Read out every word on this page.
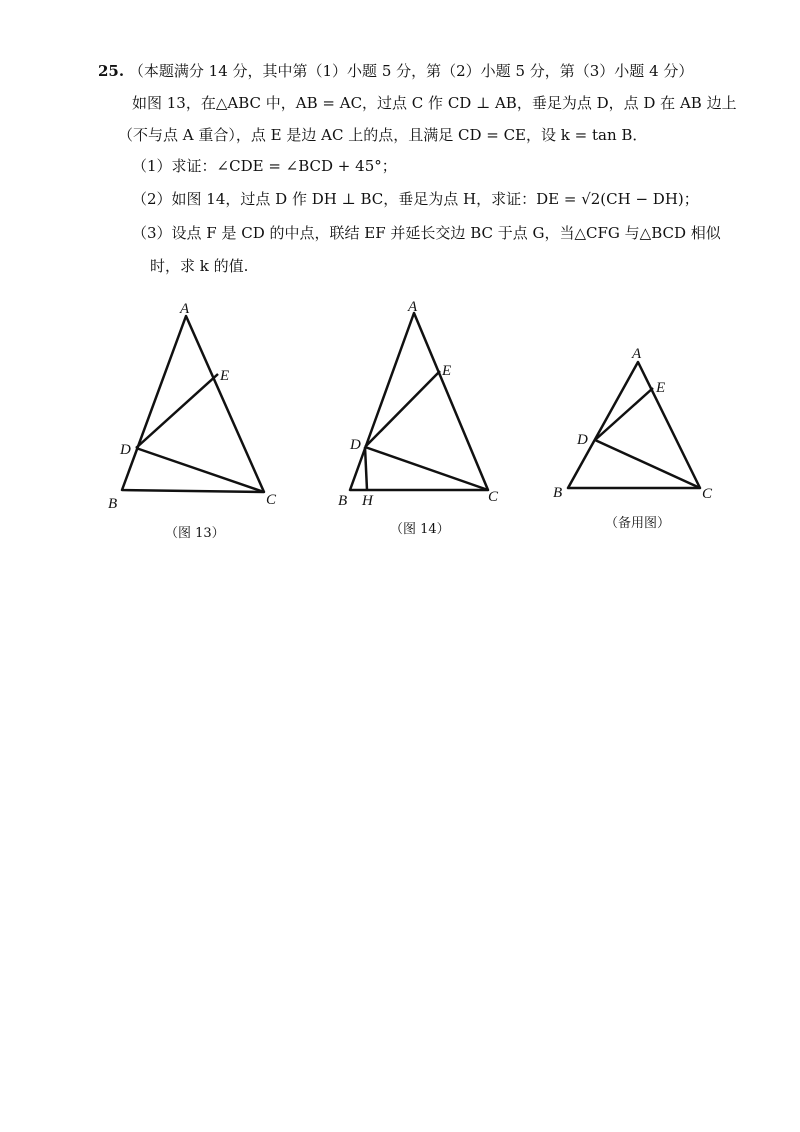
25. （本题满分 14 分，其中第（1）小题 5 分，第（2）小题 5 分，第（3）小题 4 分）
如图 13，在△ABC 中，AB = AC，过点 C 作 CD ⊥ AB，垂足为点 D，点 D 在 AB 边上
（不与点 A 重合），点 E 是边 AC 上的点，且满足 CD = CE，设 k = tan B．
（1）求证：∠CDE = ∠BCD + 45°；
（2）如图 14，过点 D 作 DH ⊥ BC，垂足为点 H，求证：DE = √2(CH − DH)；
（3）设点 F 是 CD 的中点，联结 EF 并延长交边 BC 于点 G，当△CFG 与△BCD 相似
时，求 k 的值.
A
E
D
B	C
（图 13）
A
E
D
B H	C
（图 14）
A
E
D
B	C
（备用图）
